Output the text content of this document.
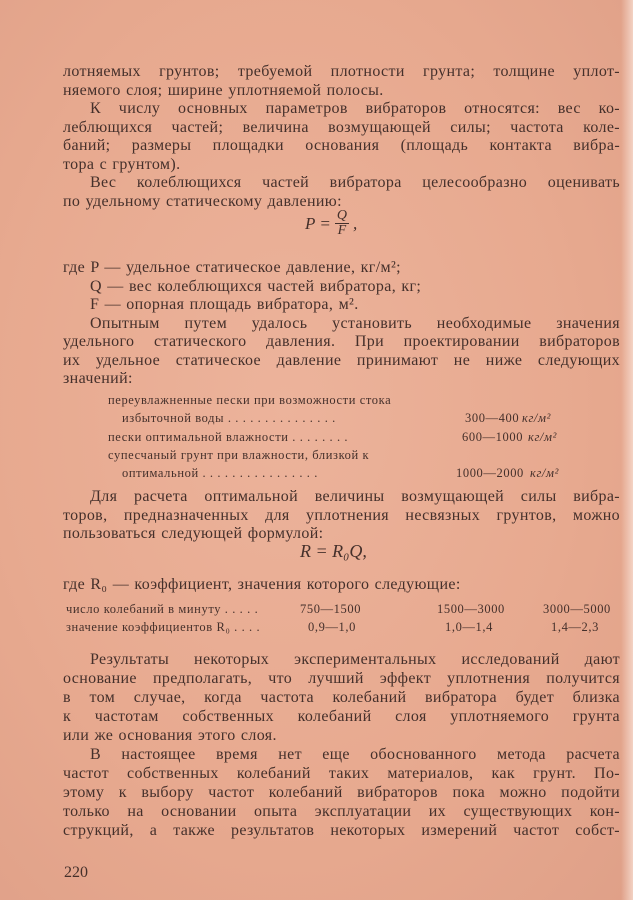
лотняемых грунтов; требуемой плотности грунта; толщине уплот-
няемого слоя; ширине уплотняемой полосы.
К числу основных параметров вибраторов относятся: вес ко-
леблющихся частей; величина возмущающей силы; частота коле-
баний; размеры площадки основания (площадь контакта вибра-
тора с грунтом).
Вес колеблющихся частей вибратора целесообразно оценивать
по удельному статическому давлению:
где P — удельное статическое давление, кг/м²;
Q — вес колеблющихся частей вибратора, кг;
F — опорная площадь вибратора, м².
Опытным путем удалось установить необходимые значения
удельного статического давления. При проектировании вибраторов
их удельное статическое давление принимают не ниже следующих
значений:
Для расчета оптимальной величины возмущающей силы вибра-
торов, предназначенных для уплотнения несвязных грунтов, можно
пользоваться следующей формулой:
где R₀ — коэффициент, значения которого следующие:
Результаты некоторых экспериментальных исследований дают
основание предполагать, что лучший эффект уплотнения получится
в том случае, когда частота колебаний вибратора будет близка
к частотам собственных колебаний слоя уплотняемого грунта
или же основания этого слоя.
В настоящее время нет еще обоснованного метода расчета
частот собственных колебаний таких материалов, как грунт. По-
этому к выбору частот колебаний вибраторов пока можно подойти
только на основании опыта эксплуатации их существующих кон-
струкций, а также результатов некоторых измерений частот собст-
$P = \frac{Q}{F}$ ,
переувлажненные пески при возможности стока
избыточной воды . . . . . . . . . . . . . . .	300—400 кг/м²
пески оптимальной влажности . . . . . . . .	600—1000 кг/м²
супесчаный грунт при влажности, близкой к
оптимальной . . . . . . . . . . . . . . . .	1000—2000 кг/м²
R = R₀Q,
число колебаний в минуту . . . . .	750—1500	1500—3000	3000—5000
значение коэффициентов R₀ . . . .	0,9—1,0	1,0—1,4	1,4—2,3
220
